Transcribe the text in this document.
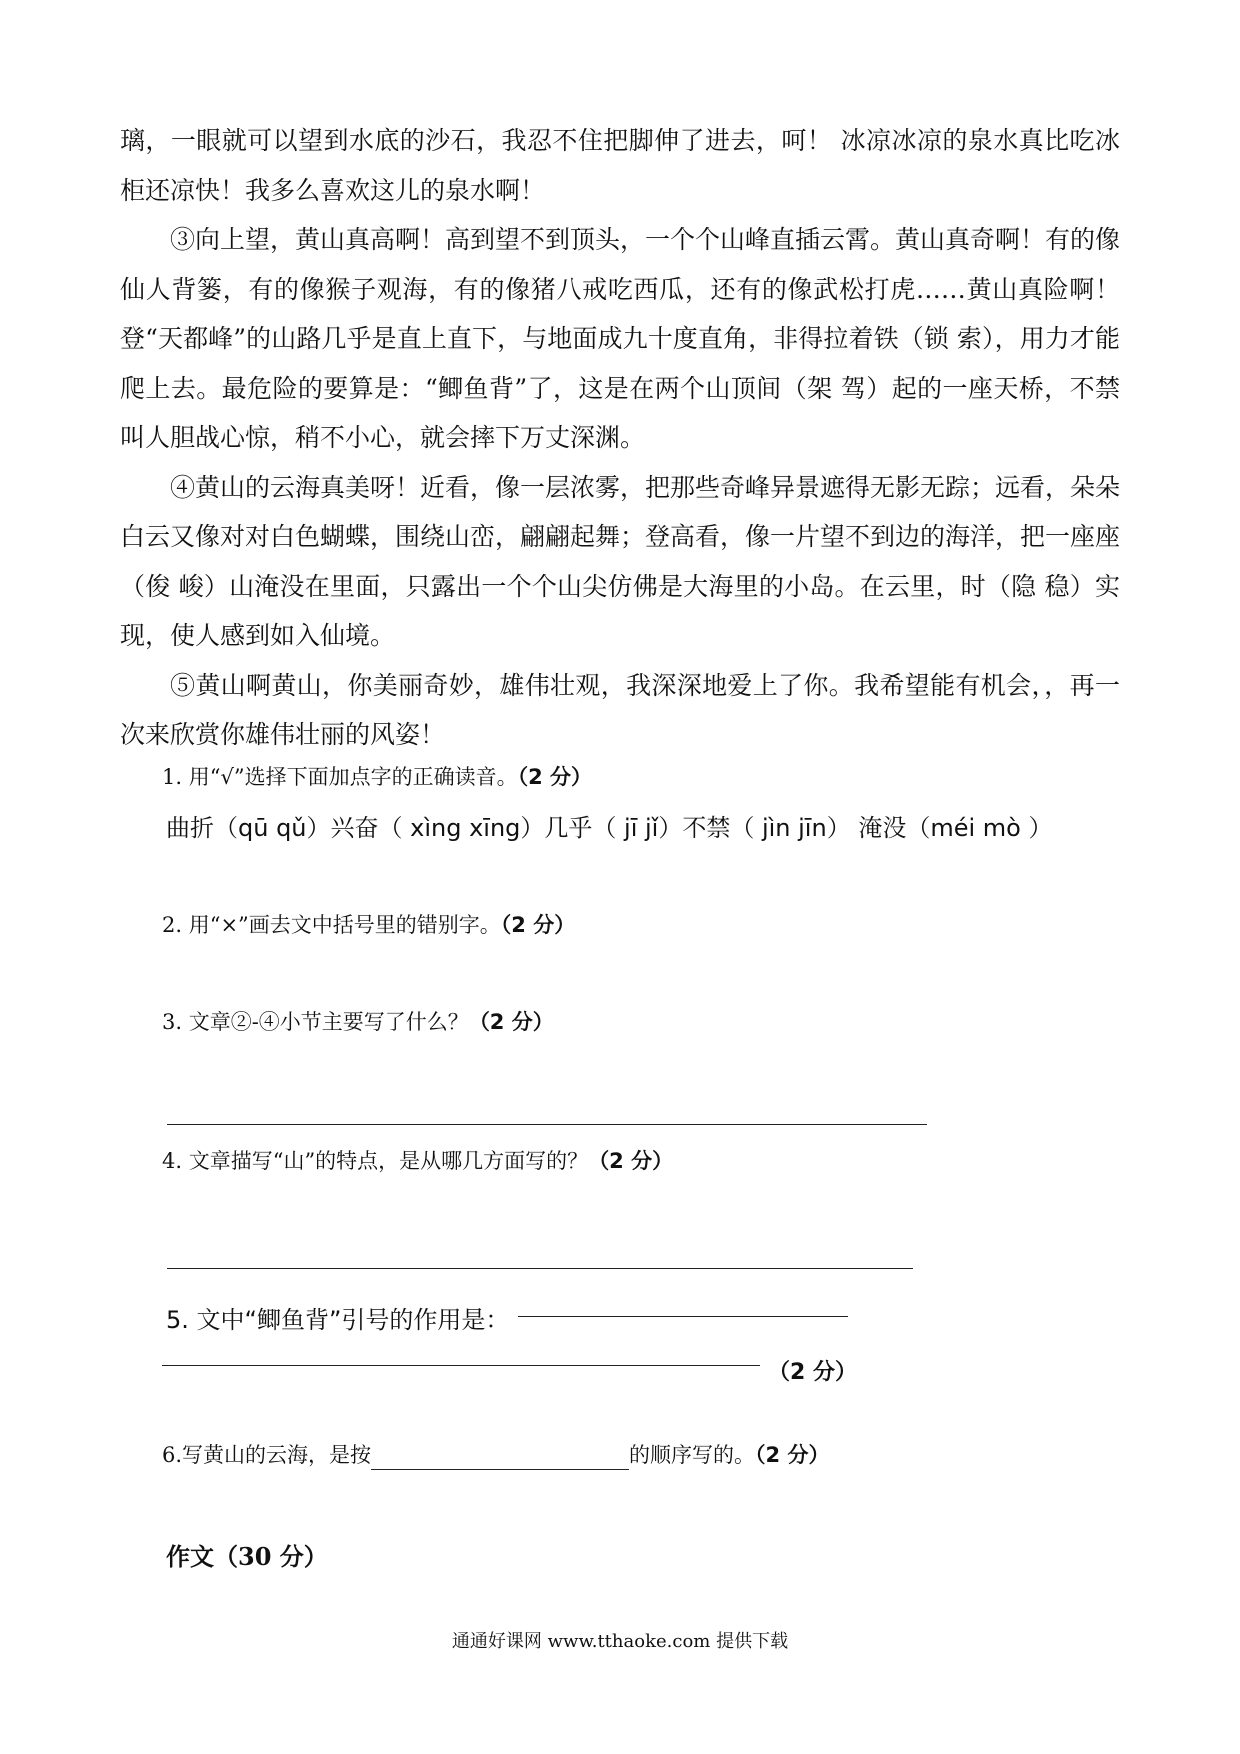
璃，一眼就可以望到水底的沙石，我忍不住把脚伸了进去，呵！ 冰凉冰凉的泉水真比吃冰柜还凉快！我多么喜欢这儿的泉水啊！

③向上望，黄山真高啊！高到望不到顶头，一个个山峰直插云霄。黄山真奇啊！有的像仙人背篓，有的像猴子观海，有的像猪八戒吃西瓜，还有的像武松打虎……黄山真险啊！登“天都峰”的山路几乎是直上直下，与地面成九十度直角，非得拉着铁（锁 索），用力才能爬上去。最危险的要算是：“鲫鱼背”了，这是在两个山顶间（架 驾）起的一座天桥，不禁叫人胆战心惊，稍不小心，就会摔下万丈深渊。

④黄山的云海真美呀！近看，像一层浓雾，把那些奇峰异景遮得无影无踪；远看，朵朵白云又像对对白色蝴蝶，围绕山峦，翩翩起舞；登高看，像一片望不到边的海洋，把一座座（俊 峻）山淹没在里面，只露出一个个山尖仿佛是大海里的小岛。在云里，时（隐 稳）实现，使人感到如入仙境。

⑤黄山啊黄山，你美丽奇妙，雄伟壮观，我深深地爱上了你。我希望能有机会，，再一次来欣赏你雄伟壮丽的风姿！

1. 用“√”选择下面加点字的正确读音。（2 分）
曲折（qū qǔ）兴奋（ xìng xīng）几乎（ jī jǐ）不禁（ jìn jīn） 淹没（méi mò ）
2. 用“×”画去文中括号里的错别字。（2 分）
3. 文章②-④小节主要写了什么？（2 分）
4. 文章描写“山”的特点，是从哪几方面写的？（2 分）
5. 文中“鲫鱼背”引号的作用是：
（2 分）
6.写黄山的云海，是按	的顺序写的。（2 分）
作文（30 分）
通通好课网 www.tthaoke.com 提供下载
